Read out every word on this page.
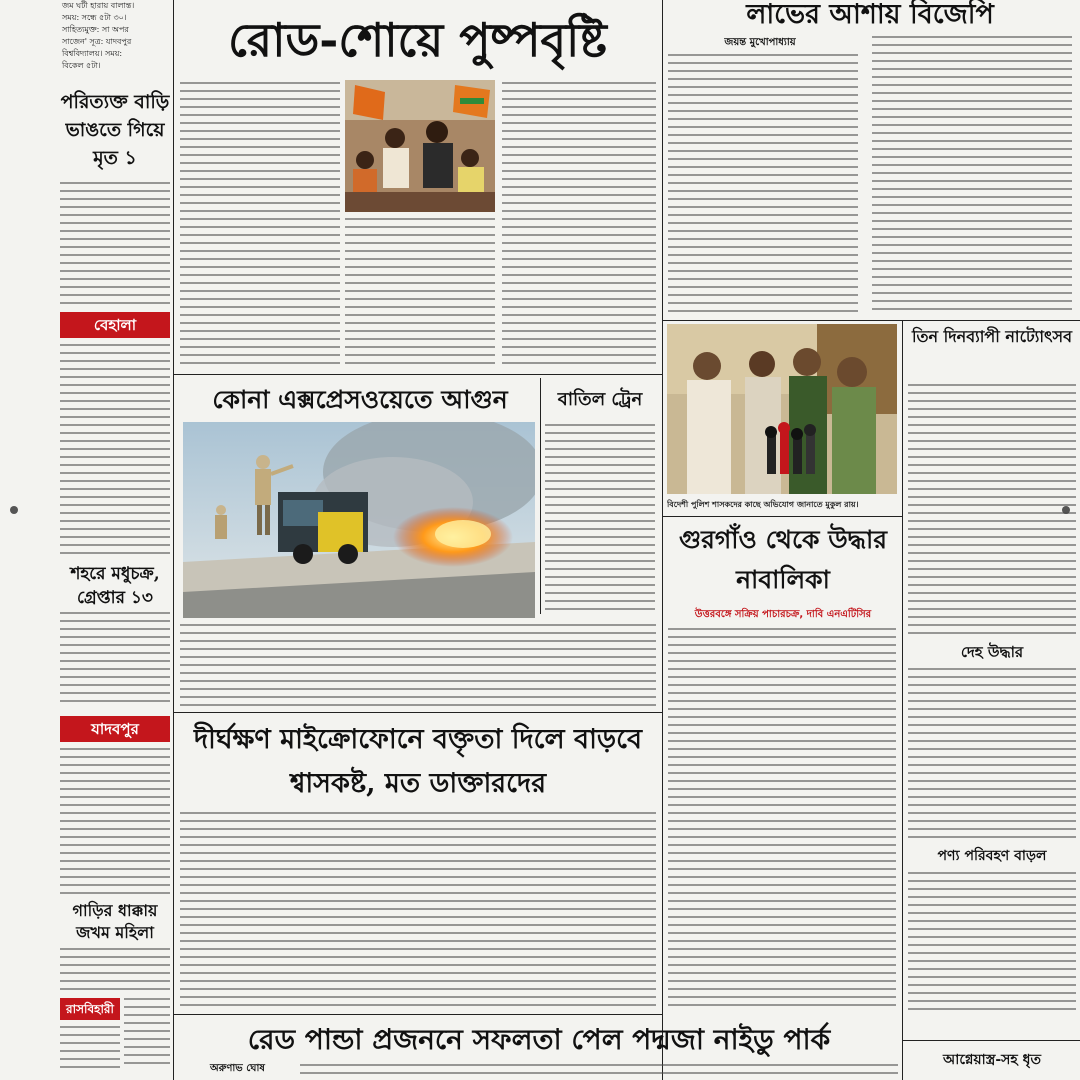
জম ঘটী হারায় বালান্ত।
সময়: সন্ধে ৫টা ৩০।
সাহিত্যমুক্ত: সা অপর
সাজেন' সূত্র: যাদবপুর
বিশ্ববিদ্যালয়। সময়:
বিকেল ৫টা।
পরিত্যক্ত বাড়ি ভাঙতে গিয়ে মৃত ১
বেহালা
শহরে মধুচক্র, গ্রেপ্তার ১৩
যাদবপুর
গাড়ির ধাক্কায় জখম মহিলা
রাসবিহারী
রোড-শোয়ে পুষ্পবৃষ্টি
কোনা এক্সপ্রেসওয়েতে আগুন	বাতিল ট্রেন
দীর্ঘক্ষণ মাইক্রোফোনে বক্তৃতা দিলে বাড়বে শ্বাসকষ্ট, মত ডাক্তারদের
রেড পান্ডা প্রজননে সফলতা পেল পদ্মজা নাইডু পার্ক
অরুণাভ ঘোষ
লাভের আশায় বিজেপি
জয়ন্ত মুখোপাধ্যায়
বিদেশী পুলিশ শাসকদের কাছে অভিযোগ জানাতে মুকুল রায়।
গুরগাঁও থেকে উদ্ধার নাবালিকা
উত্তরবঙ্গে সক্রিয় পাচারচক্র, দাবি এনএটিসির
তিন দিনব্যাপী নাট্যোৎসব
দেহ উদ্ধার
পণ্য পরিবহণ বাড়ল
আগ্নেয়াস্ত্র-সহ ধৃত
